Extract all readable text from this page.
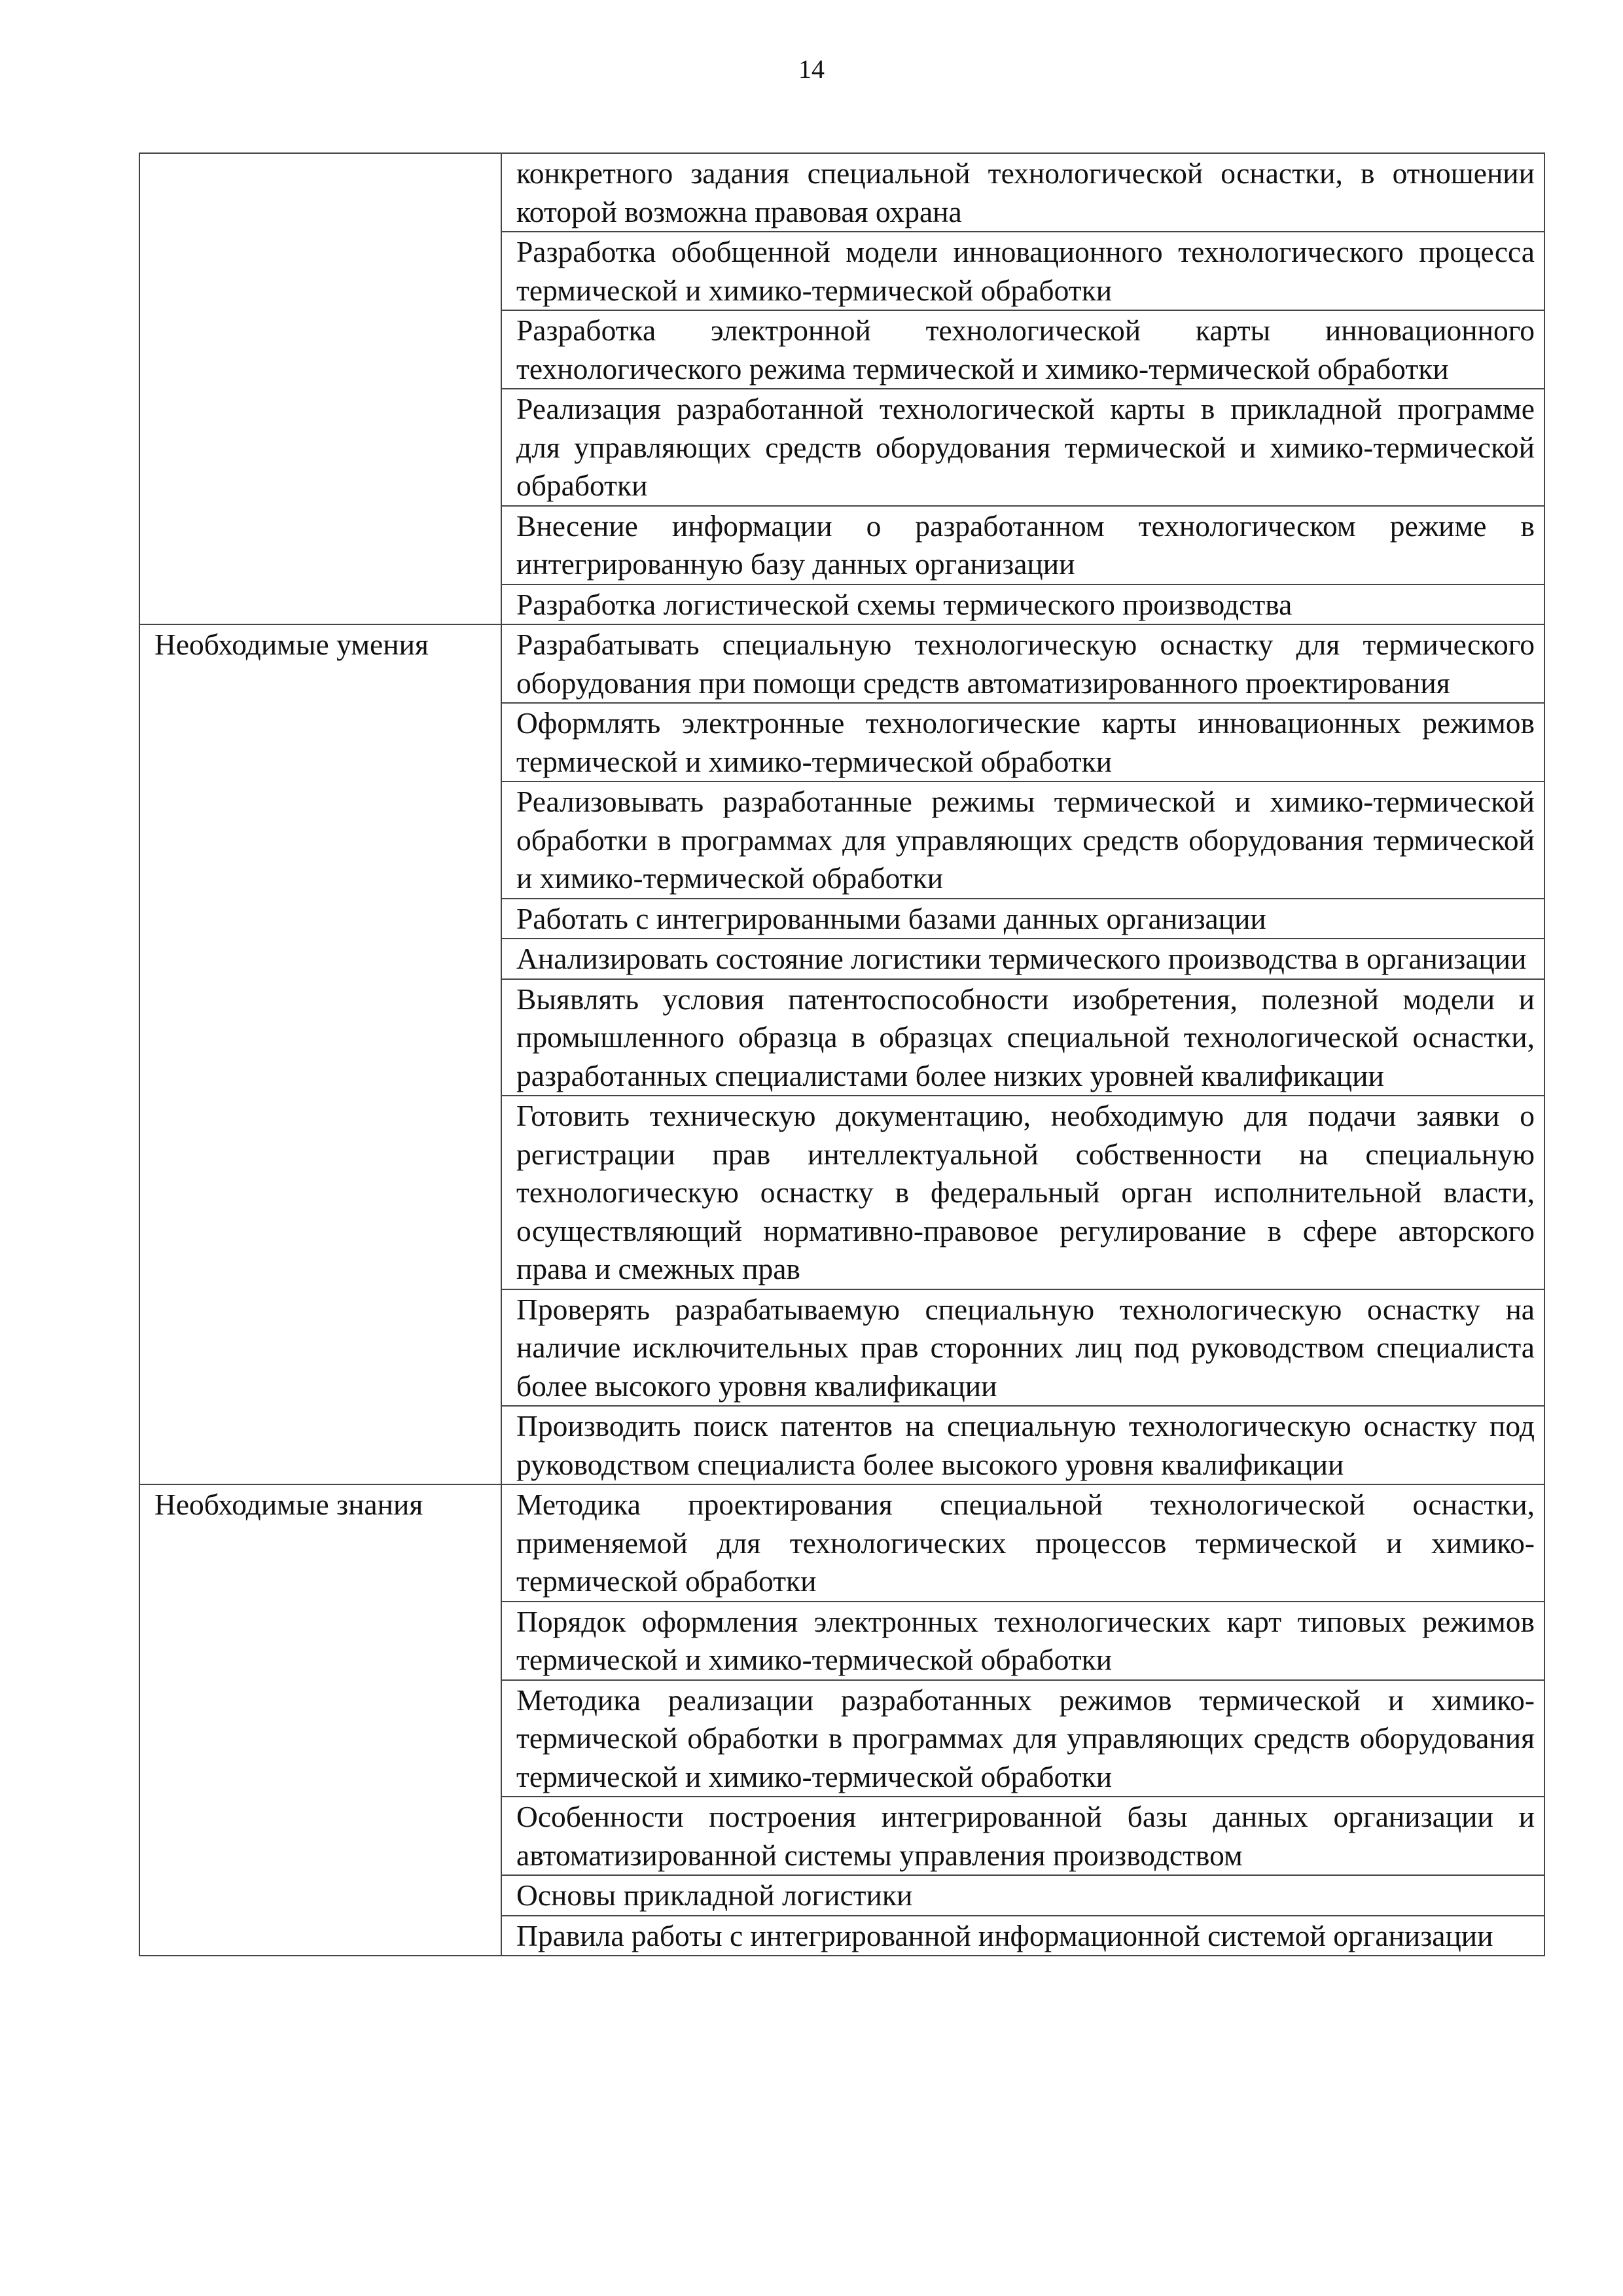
14
	конкретного задания специальной технологической оснастки, в отношении которой возможна правовая охрана
	Разработка обобщенной модели инновационного технологического процесса термической и химико-термической обработки
	Разработка электронной технологической карты инновационного технологического режима термической и химико-термической обработки
	Реализация разработанной технологической карты в прикладной программе для управляющих средств оборудования термической и химико-термической обработки
	Внесение информации о разработанном технологическом режиме в интегрированную базу данных организации
	Разработка логистической схемы термического производства
Необходимые умения	Разрабатывать специальную технологическую оснастку для термического оборудования при помощи средств автоматизированного проектирования
	Оформлять электронные технологические карты инновационных режимов термической и химико-термической обработки
	Реализовывать разработанные режимы термической и химико-термической обработки в программах для управляющих средств оборудования термической и химико-термической обработки
	Работать с интегрированными базами данных организации
	Анализировать состояние логистики термического производства в организации
	Выявлять условия патентоспособности изобретения, полезной модели и промышленного образца в образцах специальной технологической оснастки, разработанных специалистами более низких уровней квалификации
	Готовить техническую документацию, необходимую для подачи заявки о регистрации прав интеллектуальной собственности на специальную технологическую оснастку в федеральный орган исполнительной власти, осуществляющий нормативно-правовое регулирование в сфере авторского права и смежных прав
	Проверять разрабатываемую специальную технологическую оснастку на наличие исключительных прав сторонних лиц под руководством специалиста более высокого уровня квалификации
	Производить поиск патентов на специальную технологическую оснастку под руководством специалиста более высокого уровня квалификации
Необходимые знания	Методика проектирования специальной технологической оснастки, применяемой для технологических процессов термической и химико-термической обработки
	Порядок оформления электронных технологических карт типовых режимов термической и химико-термической обработки
	Методика реализации разработанных режимов термической и химико-термической обработки в программах для управляющих средств оборудования термической и химико-термической обработки
	Особенности построения интегрированной базы данных организации и автоматизированной системы управления производством
	Основы прикладной логистики
	Правила работы с интегрированной информационной системой организации
